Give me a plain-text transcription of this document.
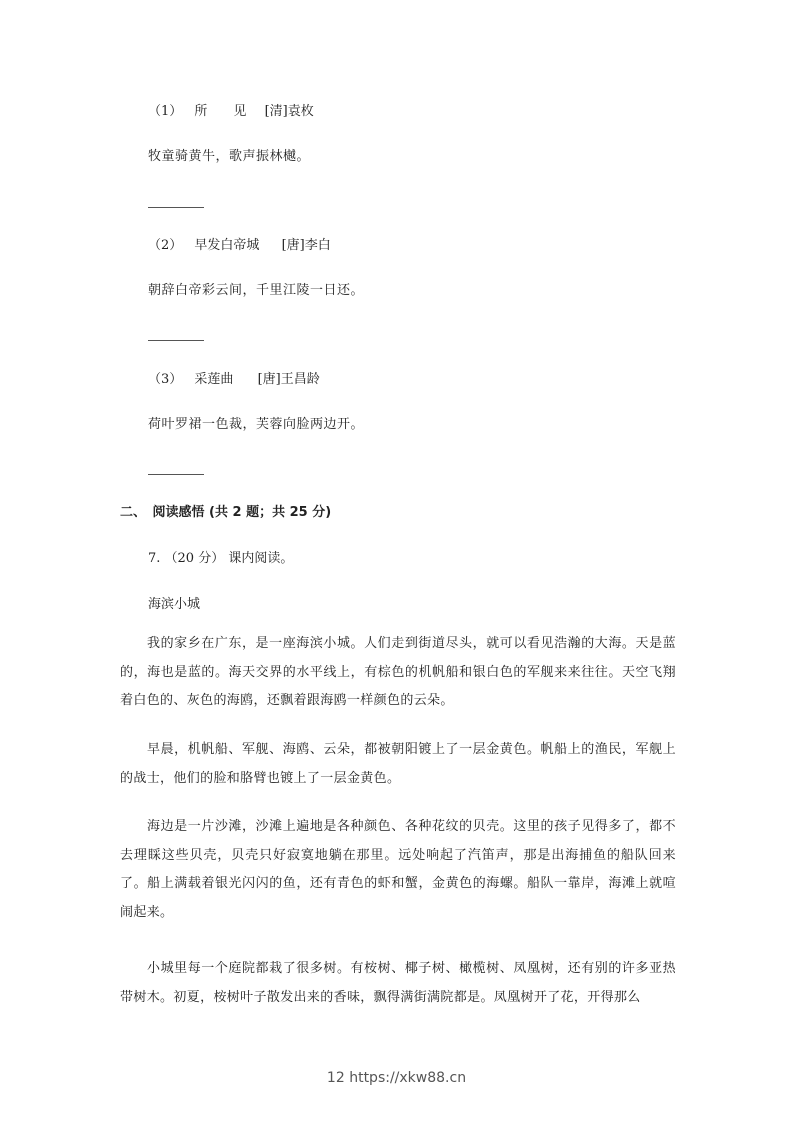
（1） 所　　见 [清]袁枚
牧童骑黄牛，歌声振林樾。
（2） 早发白帝城 [唐]李白
朝辞白帝彩云间，千里江陵一日还。
（3） 采莲曲 [唐]王昌龄
荷叶罗裙一色裁，芙蓉向脸两边开。
二、　阅读感悟 (共 2 题；共 25 分)
7. （20 分） 课内阅读。
海滨小城
我的家乡在广东，是一座海滨小城。人们走到街道尽头，就可以看见浩瀚的大海。天是蓝的，海也是蓝的。海天交界的水平线上，有棕色的机帆船和银白色的军舰来来往往。天空飞翔着白色的、灰色的海鸥，还飘着跟海鸥一样颜色的云朵。
早晨，机帆船、军舰、海鸥、云朵，都被朝阳镀上了一层金黄色。帆船上的渔民，军舰上的战士，他们的脸和胳臂也镀上了一层金黄色。
海边是一片沙滩，沙滩上遍地是各种颜色、各种花纹的贝壳。这里的孩子见得多了，都不去理睬这些贝壳，贝壳只好寂寞地躺在那里。远处响起了汽笛声，那是出海捕鱼的船队回来了。船上满载着银光闪闪的鱼，还有青色的虾和蟹，金黄色的海螺。船队一靠岸，海滩上就喧闹起来。
小城里每一个庭院都栽了很多树。有桉树、椰子树、橄榄树、凤凰树，还有别的许多亚热带树木。初夏，桉树叶子散发出来的香味，飘得满街满院都是。凤凰树开了花，开得那么
12 https://xkw88.cn
